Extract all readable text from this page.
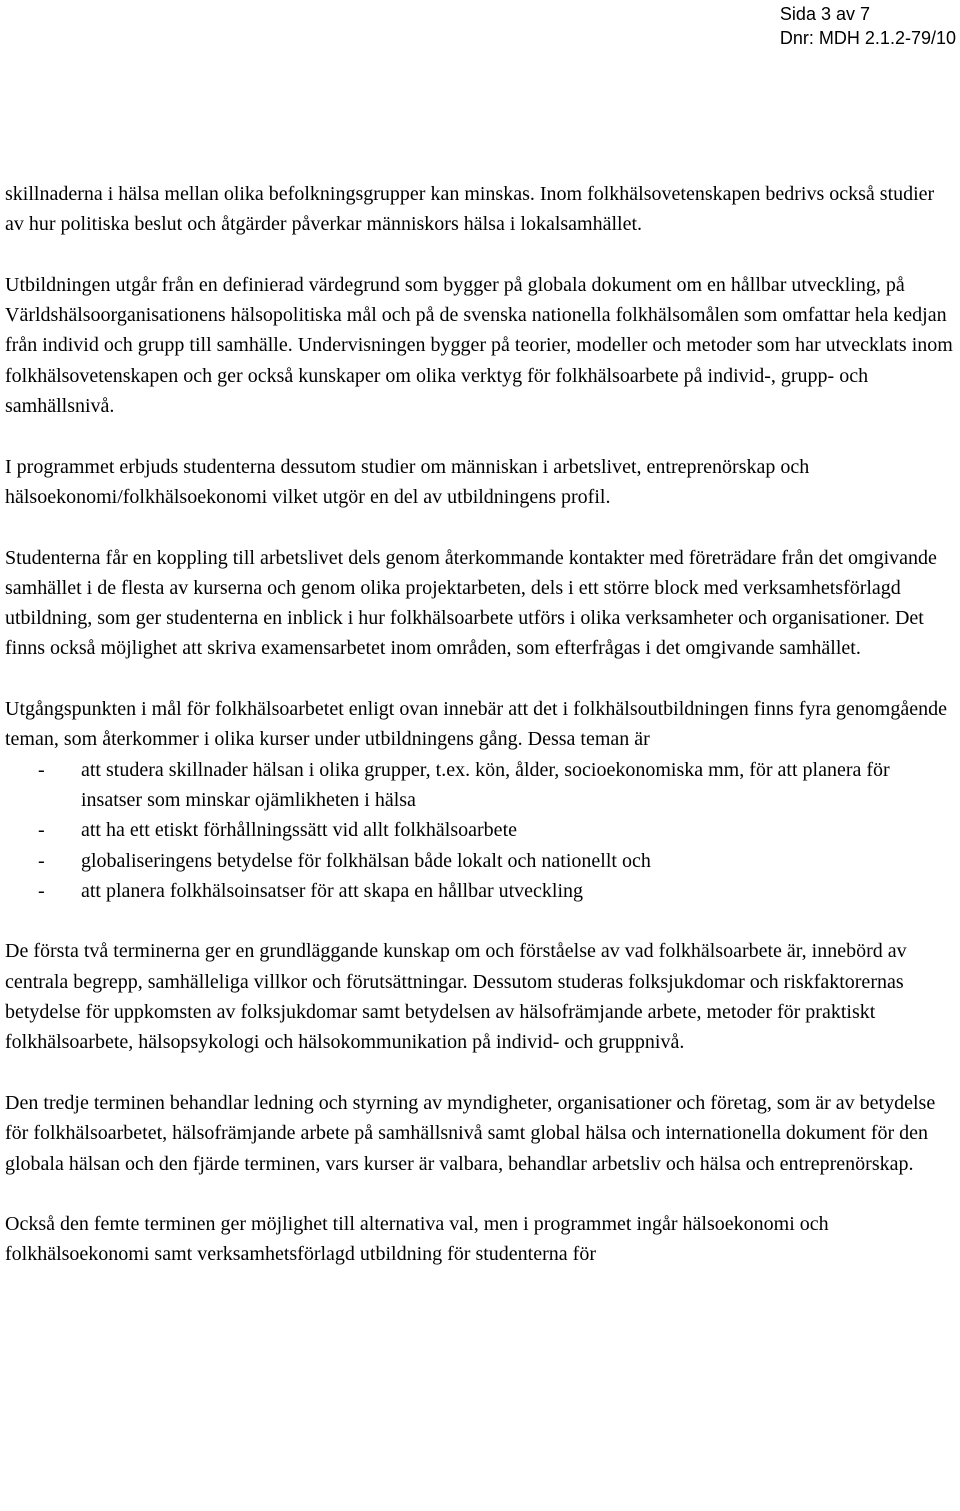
Sida 3 av 7
Dnr: MDH 2.1.2-79/10

skillnaderna i hälsa mellan olika befolkningsgrupper kan minskas. Inom folkhälsovetenskapen bedrivs också studier av hur politiska beslut och åtgärder påverkar människors hälsa i lokalsamhället.

Utbildningen utgår från en definierad värdegrund som bygger på globala dokument om en hållbar utveckling, på Världshälsoorganisationens hälsopolitiska mål och på de svenska nationella folkhälsomålen som omfattar hela kedjan från individ och grupp till samhälle. Undervisningen bygger på teorier, modeller och metoder som har utvecklats inom folkhälsovetenskapen och ger också kunskaper om olika verktyg för folkhälsoarbete på individ-, grupp- och samhällsnivå.

I programmet erbjuds studenterna dessutom studier om människan i arbetslivet, entreprenörskap och hälsoekonomi/folkhälsoekonomi vilket utgör en del av utbildningens profil.

Studenterna får en koppling till arbetslivet dels genom återkommande kontakter med företrädare från det omgivande samhället i de flesta av kurserna och genom olika projektarbeten, dels i ett större block med verksamhetsförlagd utbildning, som ger studenterna en inblick i hur folkhälsoarbete utförs i olika verksamheter och organisationer. Det finns också möjlighet att skriva examensarbetet inom områden, som efterfrågas i det omgivande samhället.

Utgångspunkten i mål för folkhälsoarbetet enligt ovan innebär att det i folkhälsoutbildningen finns fyra genomgående teman, som återkommer i olika kurser under utbildningens gång. Dessa teman är

- att studera skillnader hälsan i olika grupper, t.ex. kön, ålder, socioekonomiska mm, för att planera för insatser som minskar ojämlikheten i hälsa
- att ha ett etiskt förhållningssätt vid allt folkhälsoarbete
- globaliseringens betydelse för folkhälsan både lokalt och nationellt och
- att planera folkhälsoinsatser för att skapa en hållbar utveckling

De första två terminerna ger en grundläggande kunskap om och förståelse av vad folkhälsoarbete är, innebörd av centrala begrepp, samhälleliga villkor och förutsättningar. Dessutom studeras folksjukdomar och riskfaktorernas betydelse för uppkomsten av folksjukdomar samt betydelsen av hälsofrämjande arbete, metoder för praktiskt folkhälsoarbete, hälsopsykologi och hälsokommunikation på individ- och gruppnivå.

Den tredje terminen behandlar ledning och styrning av myndigheter, organisationer och företag, som är av betydelse för folkhälsoarbetet, hälsofrämjande arbete på samhällsnivå samt global hälsa och internationella dokument för den globala hälsan och den fjärde terminen, vars kurser är valbara, behandlar arbetsliv och hälsa och entreprenörskap.

Också den femte terminen ger möjlighet till alternativa val, men i programmet ingår hälsoekonomi och folkhälsoekonomi samt verksamhetsförlagd utbildning för studenterna för
